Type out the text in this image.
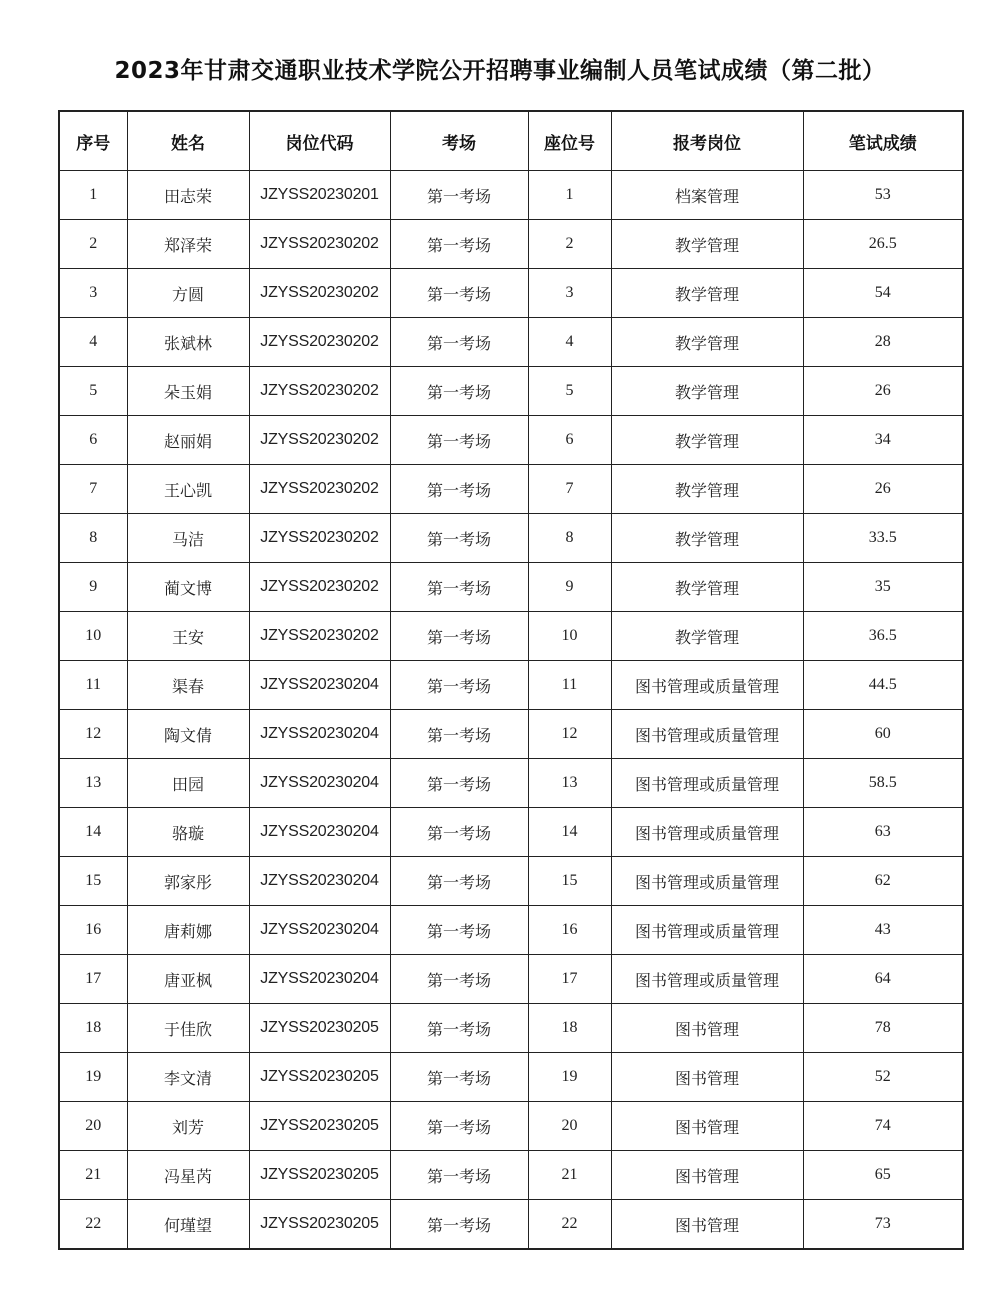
2023年甘肃交通职业技术学院公开招聘事业编制人员笔试成绩（第二批）
序号	姓名	岗位代码	考场	座位号	报考岗位	笔试成绩
1	田志荣	JZYSS20230201	第一考场	1	档案管理	53
2	郑泽荣	JZYSS20230202	第一考场	2	教学管理	26.5
3	方圆	JZYSS20230202	第一考场	3	教学管理	54
4	张斌林	JZYSS20230202	第一考场	4	教学管理	28
5	朵玉娟	JZYSS20230202	第一考场	5	教学管理	26
6	赵丽娟	JZYSS20230202	第一考场	6	教学管理	34
7	王心凯	JZYSS20230202	第一考场	7	教学管理	26
8	马洁	JZYSS20230202	第一考场	8	教学管理	33.5
9	蔺文博	JZYSS20230202	第一考场	9	教学管理	35
10	王安	JZYSS20230202	第一考场	10	教学管理	36.5
11	渠春	JZYSS20230204	第一考场	11	图书管理或质量管理	44.5
12	陶文倩	JZYSS20230204	第一考场	12	图书管理或质量管理	60
13	田园	JZYSS20230204	第一考场	13	图书管理或质量管理	58.5
14	骆璇	JZYSS20230204	第一考场	14	图书管理或质量管理	63
15	郭家彤	JZYSS20230204	第一考场	15	图书管理或质量管理	62
16	唐莉娜	JZYSS20230204	第一考场	16	图书管理或质量管理	43
17	唐亚枫	JZYSS20230204	第一考场	17	图书管理或质量管理	64
18	于佳欣	JZYSS20230205	第一考场	18	图书管理	78
19	李文清	JZYSS20230205	第一考场	19	图书管理	52
20	刘芳	JZYSS20230205	第一考场	20	图书管理	74
21	冯星芮	JZYSS20230205	第一考场	21	图书管理	65
22	何瑾望	JZYSS20230205	第一考场	22	图书管理	73
